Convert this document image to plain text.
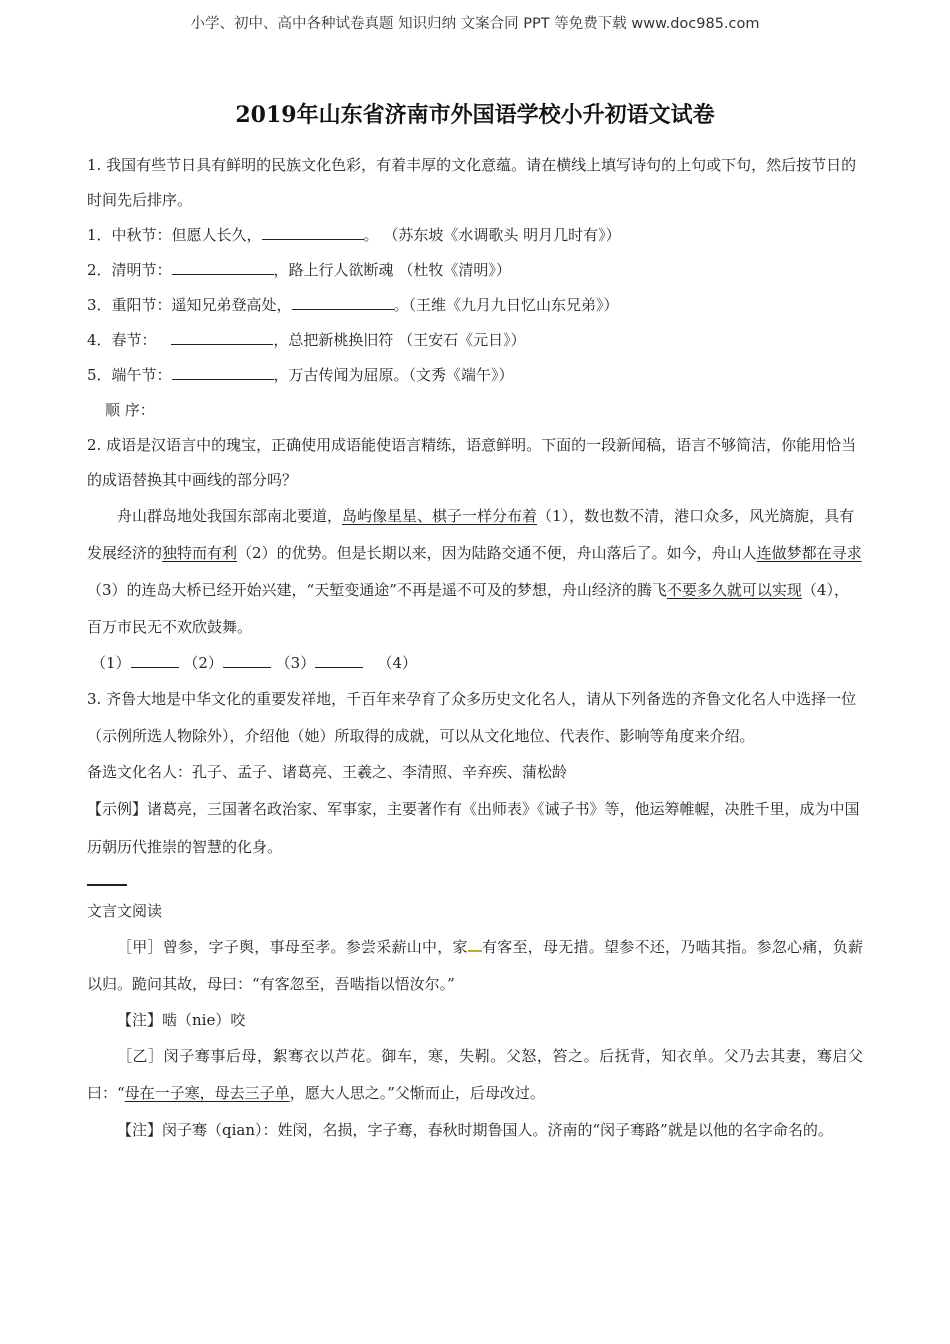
小学、初中、高中各种试卷真题 知识归纳 文案合同 PPT 等免费下载 www.doc985.com
2019年山东省济南市外国语学校小升初语文试卷

1. 我国有些节日具有鲜明的民族文化色彩，有着丰厚的文化意蕴。请在横线上填写诗句的上句或下句，然后按节日的时间先后排序。

1．中秋节：但愿人长久，	。 （苏东坡《水调歌头 明月几时有》）

2．清明节：	，路上行人欲断魂 （杜牧《清明》）

3．重阳节：遥知兄弟登高处，	。（王维《九月九日忆山东兄弟》）

4．春节：	，总把新桃换旧符 （王安石《元日》）

5．端午节：	，万古传闻为屈原。（文秀《端午》）

顺 序：

2. 成语是汉语言中的瑰宝，正确使用成语能使语言精练，语意鲜明。下面的一段新闻稿，语言不够简洁，你能用恰当的成语替换其中画线的部分吗？

舟山群岛地处我国东部南北要道，岛屿像星星、棋子一样分布着（1），数也数不清，港口众多，风光旖旎，具有发展经济的独特而有利（2）的优势。但是长期以来，因为陆路交通不便，舟山落后了。如今，舟山人连做梦都在寻求（3）的连岛大桥已经开始兴建，“天堑变通途”不再是遥不可及的梦想，舟山经济的腾飞不要多久就可以实现（4），百万市民无不欢欣鼓舞。

（1）	（2）	（3）	（4）

3. 齐鲁大地是中华文化的重要发祥地，千百年来孕育了众多历史文化名人，请从下列备选的齐鲁文化名人中选择一位（示例所选人物除外），介绍他（她）所取得的成就，可以从文化地位、代表作、影响等角度来介绍。

备选文化名人：孔子、孟子、诸葛亮、王羲之、李清照、辛弃疾、蒲松龄

【示例】诸葛亮，三国著名政治家、军事家，主要著作有《出师表》《诫子书》等，他运筹帷幄，决胜千里，成为中国历朝历代推崇的智慧的化身。

文言文阅读

［甲］曾参，字子舆，事母至孝。参尝采薪山中，家 有客至，母无措。望参不还，乃啮其指。参忽心痛，负薪以归。跪问其故，母曰：“有客忽至，吾啮指以悟汝尔。”

【注】啮（nie）咬

［乙］闵子骞事后母，絮骞衣以芦花。御车，寒，失靷。父怒，笞之。后抚背，知衣单。父乃去其妻，骞启父曰：“母在一子寒，母去三子单，愿大人思之。”父惭而止，后母改过。

【注】闵子骞（qian）：姓闵，名损，字子骞，春秋时期鲁国人。济南的“闵子骞路”就是以他的名字命名的。
